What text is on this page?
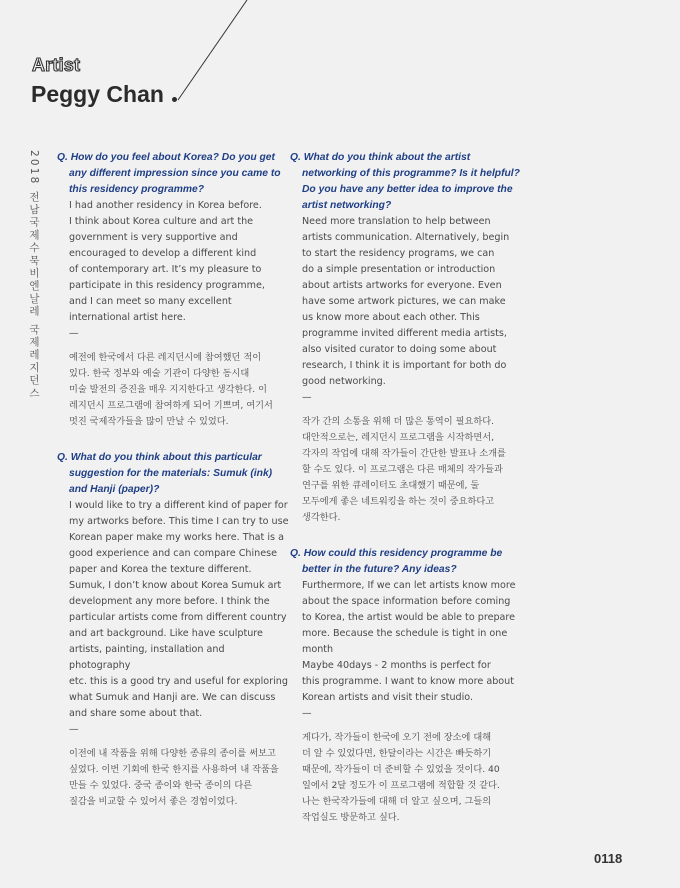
Artist
Peggy Chan
2018 전남국제수묵비엔날레 국제레지던스 Q. How do you feel about Korea? Do you get any different impression since you came to this residency programme?
I had another residency in Korea before.
I think about Korea culture and art the
government is very supportive and
encouraged to develop a different kind
of contemporary art. It’s my pleasure to
participate in this residency programme,
and I can meet so many excellent
international artist here.
—
예전에 한국에서 다른 레지던시에 참여했던 적이
있다. 한국 정부와 예술 기관이 다양한 동시대
미술 발전의 증진을 매우 지지한다고 생각한다. 이
레지던시 프로그램에 참여하게 되어 기쁘며, 여기서
멋진 국제작가들을 많이 만날 수 있었다.
Q. What do you think about this particular suggestion for the materials: Sumuk (ink) and Hanji (paper)?
I would like to try a different kind of paper for
my artworks before. This time I can try to use
Korean paper make my works here. That is a
good experience and can compare Chinese
paper and Korea the texture different.
Sumuk, I don’t know about Korea Sumuk art
development any more before. I think the
particular artists come from different country
and art background. Like have sculpture
artists, painting, installation and photography
etc. this is a good try and useful for exploring
what Sumuk and Hanji are. We can discuss
and share some about that.
—
이전에 내 작품을 위해 다양한 종류의 종이를 써보고
싶었다. 이번 기회에 한국 한지를 사용하여 내 작품을
만들 수 있었다. 중국 종이와 한국 종이의 다른
질감을 비교할 수 있어서 좋은 경험이었다.
Q. What do you think about the artist networking of this programme? Is it helpful? Do you have any better idea to improve the artist networking?
Need more translation to help between
artists communication. Alternatively, begin
to start the residency programs, we can
do a simple presentation or introduction
about artists artworks for everyone. Even
have some artwork pictures, we can make
us know more about each other. This
programme invited different media artists,
also visited curator to doing some about
research, I think it is important for both do
good networking.
—
작가 간의 소통을 위해 더 많은 통역이 필요하다.
대안적으로는, 레지던시 프로그램을 시작하면서,
각자의 작업에 대해 작가들이 간단한 발표나 소개를
할 수도 있다. 이 프로그램은 다른 매체의 작가들과
연구를 위한 큐레이터도 초대했기 때문에, 둘
모두에게 좋은 네트워킹을 하는 것이 중요하다고
생각한다.
Q. How could this residency programme be better in the future? Any ideas?
Furthermore, If we can let artists know more
about the space information before coming
to Korea, the artist would be able to prepare
more. Because the schedule is tight in one
month
Maybe 40days - 2 months is perfect for
this programme. I want to know more about
Korean artists and visit their studio.
—
게다가, 작가들이 한국에 오기 전에 장소에 대해
더 알 수 있었다면, 한달이라는 시간은 빠듯하기
때문에, 작가들이 더 준비할 수 있었을 것이다. 40
일에서 2달 정도가 이 프로그램에 적합할 것 같다.
나는 한국작가들에 대해 더 알고 싶으며, 그들의
작업실도 방문하고 싶다.
0118
